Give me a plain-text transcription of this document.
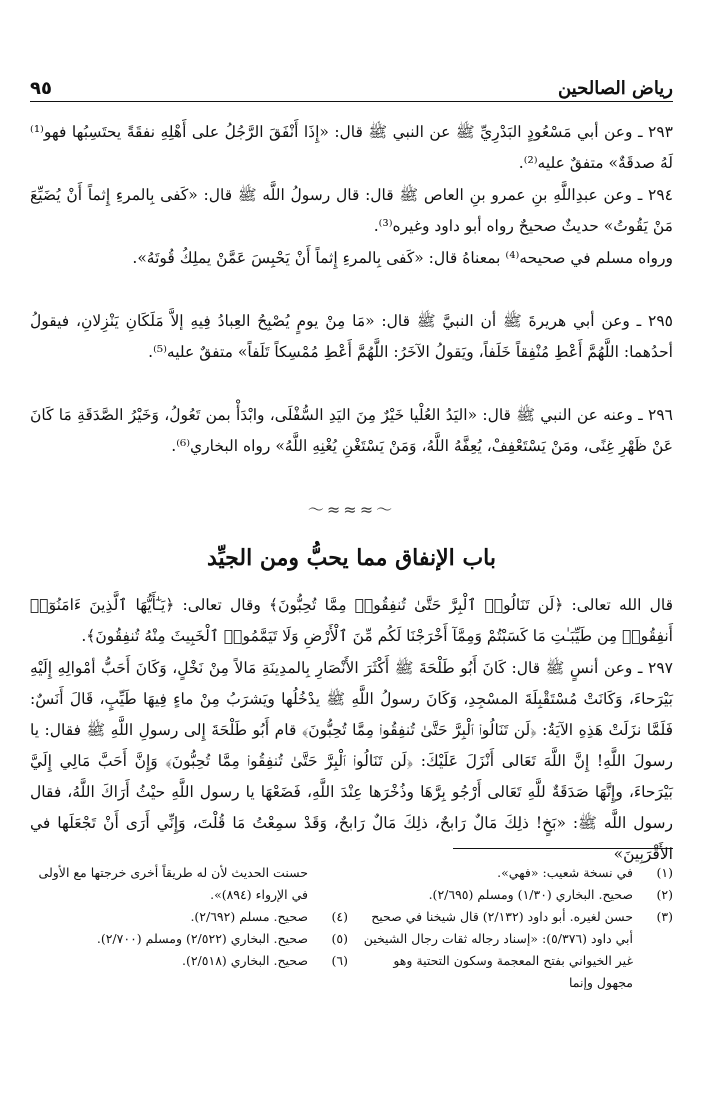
رياض الصالحين
٩٥

٢٩٣ ـ وعن أبي مَسْعُودٍ البَدْرِيِّ ﷺ عن النبي ﷺ قال: «إِذَا أَنْفَقَ الرَّجُلُ على أَهْلِهِ نفقَةً يحتَسِبُها فهو⁽¹⁾ لَهُ صدقَةٌ» متفقٌ عليه⁽²⁾.

٢٩٤ ـ وعن عبدِاللَّهِ بنِ عمرو بنِ العاص ﷺ قال: قال رسولُ اللَّه ﷺ قال: «كَفى بِالمرءِ إِثماً أَنْ يُضَيِّعَ مَنْ يَقُوتُ» حديثٌ صحيحٌ رواه أبو داود وغيره⁽³⁾.

ورواه مسلم في صحيحه⁽⁴⁾ بمعناهُ قال: «كَفى بِالمرءِ إِثماً أَنْ يَحْبِسَ عَمَّنْ يملِكُ قُوتَهُ».

٢٩٥ ـ وعن أبي هريرةَ ﷺ أن النبيَّ ﷺ قال: «مَا مِنْ يومٍ يُصْبِحُ العِبادُ فِيهِ إلاَّ مَلَكَانِ يَنْزِلانِ، فيقولُ أحدُهما: اللَّهُمَّ أَعْطِ مُنْفِقاً خَلَفاً، ويَقولُ الآخَرُ: اللَّهُمَّ أَعْطِ مُمْسِكاً تَلَفاً» متفقٌ عليه⁽⁵⁾.

٢٩٦ ـ وعنه عن النبي ﷺ قال: «اليَدُ العُلْيا خَيْرٌ مِنَ اليَدِ السُّفْلَى، وابْدَأْ بمن تَعُولُ، وَخَيْرُ الصَّدَقَةِ مَا كَانَ عَنْ ظَهْرِ غِنًى، ومَنْ يَسْتَعْفِفْ، يُعِفَّهُ اللَّهُ، وَمَنْ يَسْتَغْنِ يُغْنِهِ اللَّهُ» رواه البخاري⁽⁶⁾.

～≈≈≈～
باب الإنفاق مما يحبُّ ومن الجيِّد

قال الله تعالى: ﴿لَن تَنَالُوا۟ ٱلْبِرَّ حَتَّىٰ تُنفِقُوا۟ مِمَّا تُحِبُّونَ﴾ وقال تعالى: ﴿يَـٰٓأَيُّهَا ٱلَّذِينَ ءَامَنُوٓا۟ أَنفِقُوا۟ مِن طَيِّبَـٰتِ مَا كَسَبْتُمْ وَمِمَّآ أَخْرَجْنَا لَكُم مِّنَ ٱلْأَرْضِ وَلَا تَيَمَّمُوا۟ ٱلْخَبِيثَ مِنْهُ تُنفِقُونَ﴾.

٢٩٧ ـ وعن أنسٍ ﷺ قال: كَانَ أَبُو طَلْحَةَ ﷺ أَكْثَرَ الأَنْصَارِ بِالمدِينَةِ مَالاً مِنْ نَخْلٍ، وَكَانَ أَحَبُّ أمْوالِهِ إِلَيْهِ بَيْرَحاءَ، وَكَانَتْ مُسْتَقْبِلَةَ المسْجِدِ، وَكَانَ رسولُ اللَّهِ ﷺ يدْخُلُها ويَشرَبُ مِنْ ماءٍ فِيهَا طَيِّبٍ، قَالَ أَنَسٌ: فَلَمَّا نزَلَتْ هَذِهِ الآيَةُ: ﴿لَن تَنَالُوا۟ ٱلْبِرَّ حَتَّىٰ تُنفِقُوا۟ مِمَّا تُحِبُّونَ﴾ قام أَبُو طَلْحَةَ إِلى رسولِ اللَّهِ ﷺ فقال: يا رسولَ اللَّهِ! إِنَّ اللَّهَ تَعَالى أَنْزَلَ عَلَيْكَ: ﴿لَن تَنَالُوا۟ ٱلْبِرَّ حَتَّىٰ تُنفِقُوا۟ مِمَّا تُحِبُّونَ﴾ وَإِنَّ أَحَبَّ مَالِي إِلَيَّ بَيْرَحاءَ، وإِنَّهَا صَدَقَةٌ للَّهِ تَعَالى أَرْجُو بِرَّهَا وذُخْرَها عِنْدَ اللَّهِ، فَضَعْهَا يا رسول اللَّهِ حيْثُ أَرَاكَ اللَّهُ، فقال رسول اللَّه ﷺ: «بَخٍ! ذلِكَ مَالٌ رَابحٌ، ذلِكَ مَالٌ رَابحٌ، وَقَدْ سمِعْتُ مَا قُلْتَ، وَإِنِّي أَرَى أَنْ تَجْعَلَها في الأَقْرَبِينَ»

(١)
في نسخة شعيب: «فهي».
(٢)
صحيح. البخاري (١/٣٠) ومسلم (٢/٦٩٥).
(٣)
حسن لغيره. أبو داود (٢/١٣٢) قال شيخنا في صحيح أبي داود (٥/٣٧٦): «إسناد رجاله ثقات رجال الشيخين غير الخيواني بفتح المعجمة وسكون التحتية وهو مجهول وإنما
حسنت الحديث لأن له طريقاً أخرى خرجتها مع الأولى في الإرواء (٨٩٤)».
(٤)
صحيح. مسلم (٢/٦٩٢).
(٥)
صحيح. البخاري (٢/٥٢٢) ومسلم (٢/٧٠٠).
(٦)
صحيح. البخاري (٢/٥١٨).
